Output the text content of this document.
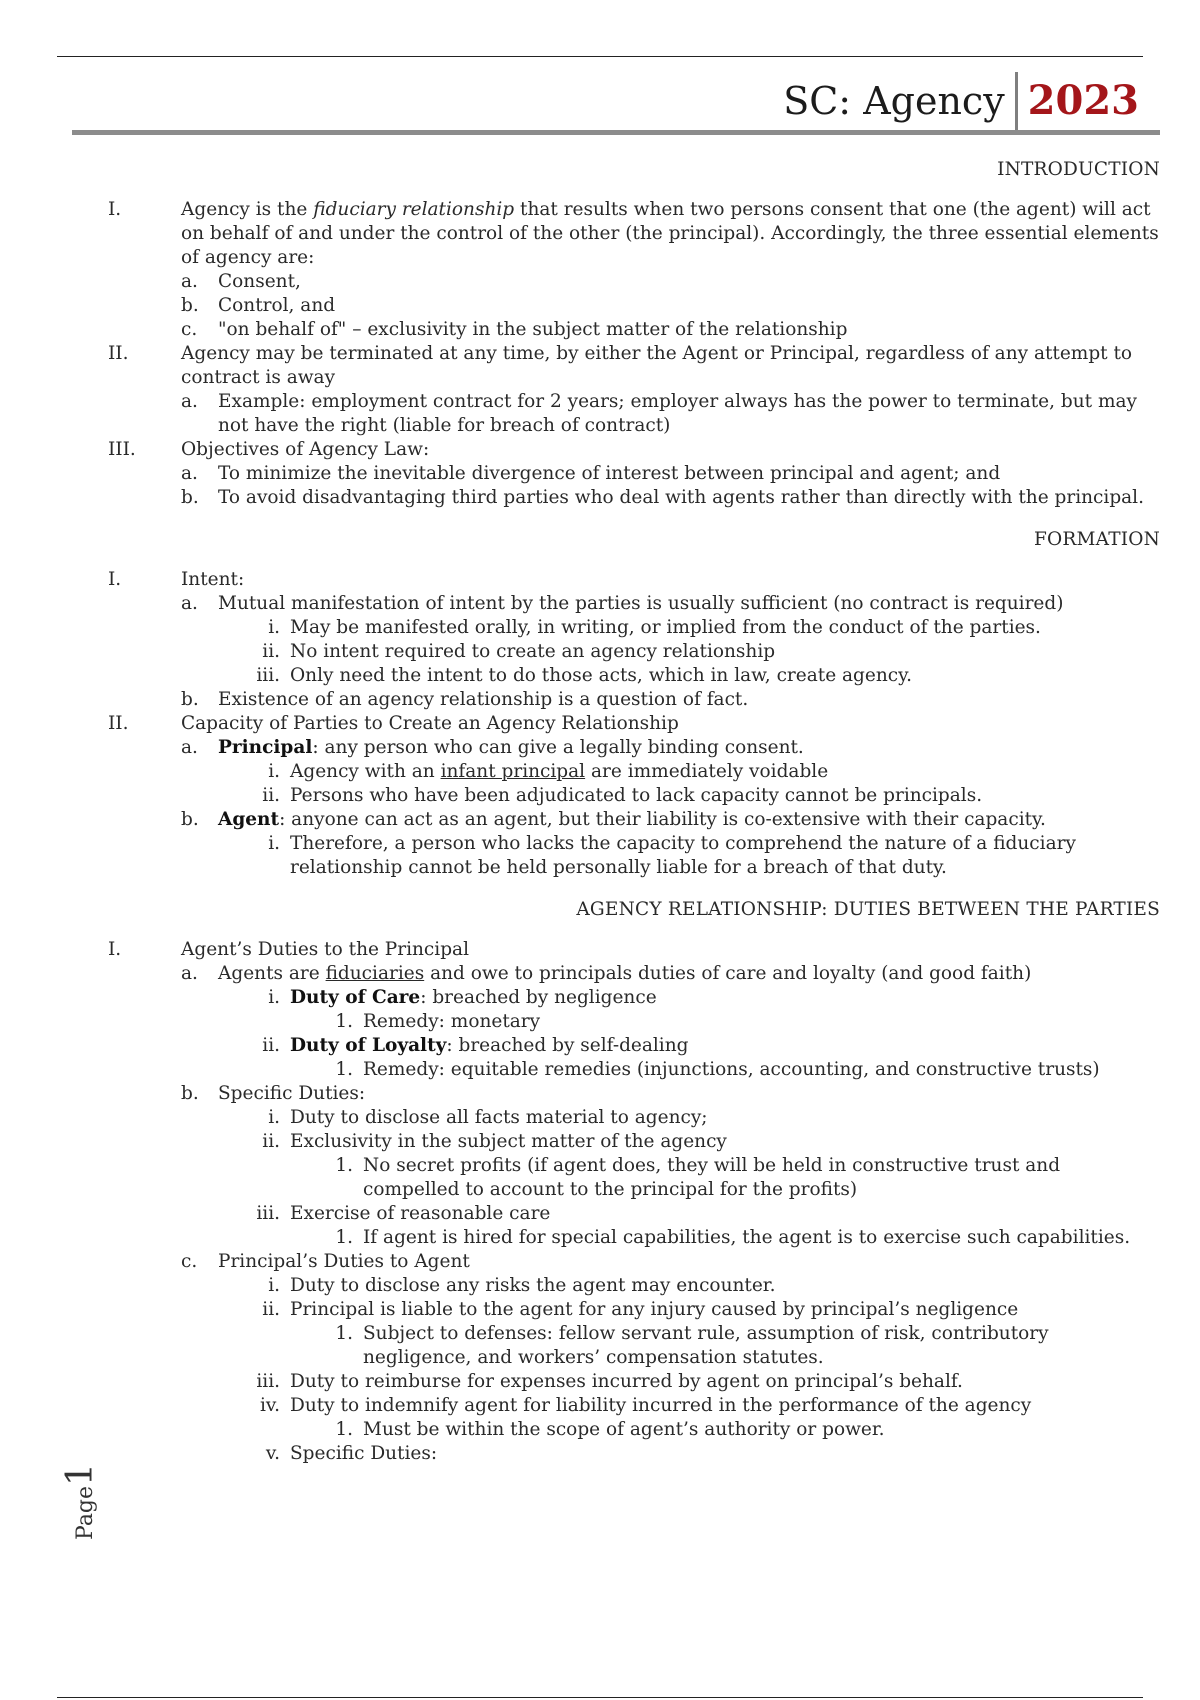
SC: Agency 2023
INTRODUCTION
I.	Agency is the fiduciary relationship that results when two persons consent that one (the agent) will act on behalf of and under the control of the other (the principal). Accordingly, the three essential elements of agency are:
a.	Consent,
b.	Control, and
c.	"on behalf of" – exclusivity in the subject matter of the relationship
II.	Agency may be terminated at any time, by either the Agent or Principal, regardless of any attempt to contract is away
a.	Example: employment contract for 2 years; employer always has the power to terminate, but may not have the right (liable for breach of contract)
III.	Objectives of Agency Law:
a.	To minimize the inevitable divergence of interest between principal and agent; and
b.	To avoid disadvantaging third parties who deal with agents rather than directly with the principal.
FORMATION
I.	Intent:
a.	Mutual manifestation of intent by the parties is usually sufficient (no contract is required)
i. May be manifested orally, in writing, or implied from the conduct of the parties.
ii. No intent required to create an agency relationship
iii. Only need the intent to do those acts, which in law, create agency.
b.	Existence of an agency relationship is a question of fact.
II.	Capacity of Parties to Create an Agency Relationship
a.	Principal: any person who can give a legally binding consent.
i. Agency with an infant principal are immediately voidable
ii. Persons who have been adjudicated to lack capacity cannot be principals.
b.	Agent: anyone can act as an agent, but their liability is co-extensive with their capacity.
i. Therefore, a person who lacks the capacity to comprehend the nature of a fiduciary relationship cannot be held personally liable for a breach of that duty.
AGENCY RELATIONSHIP: DUTIES BETWEEN THE PARTIES
I.	Agent’s Duties to the Principal
a.	Agents are fiduciaries and owe to principals duties of care and loyalty (and good faith)
i. Duty of Care: breached by negligence
1. Remedy: monetary
ii. Duty of Loyalty: breached by self-dealing
1. Remedy: equitable remedies (injunctions, accounting, and constructive trusts)
b.	Specific Duties:
i. Duty to disclose all facts material to agency;
ii. Exclusivity in the subject matter of the agency
1. No secret profits (if agent does, they will be held in constructive trust and compelled to account to the principal for the profits)
iii. Exercise of reasonable care
1. If agent is hired for special capabilities, the agent is to exercise such capabilities.
c.	Principal’s Duties to Agent
i. Duty to disclose any risks the agent may encounter.
ii. Principal is liable to the agent for any injury caused by principal’s negligence
1. Subject to defenses: fellow servant rule, assumption of risk, contributory negligence, and workers’ compensation statutes.
iii. Duty to reimburse for expenses incurred by agent on principal’s behalf.
iv. Duty to indemnify agent for liability incurred in the performance of the agency
1. Must be within the scope of agent’s authority or power.
v. Specific Duties:
Page1
